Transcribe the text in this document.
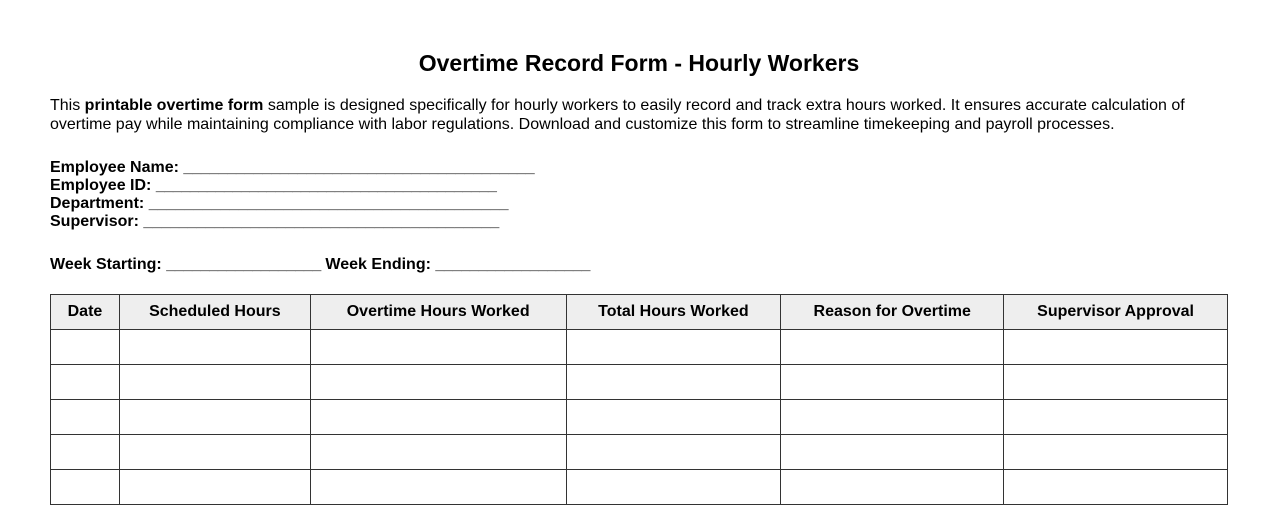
Overtime Record Form - Hourly Workers

This printable overtime form sample is designed specifically for hourly workers to easily record and track extra hours worked. It ensures accurate calculation of overtime pay while maintaining compliance with labor regulations. Download and customize this form to streamline timekeeping and payroll processes.

Employee Name: ________________________________________
Employee ID: ________________________________________
Department: ________________________________________
Supervisor: ________________________________________
Week Starting: __________________ Week Ending: __________________
Date	Scheduled Hours	Overtime Hours Worked	Total Hours Worked	Reason for Overtime	Supervisor Approval
